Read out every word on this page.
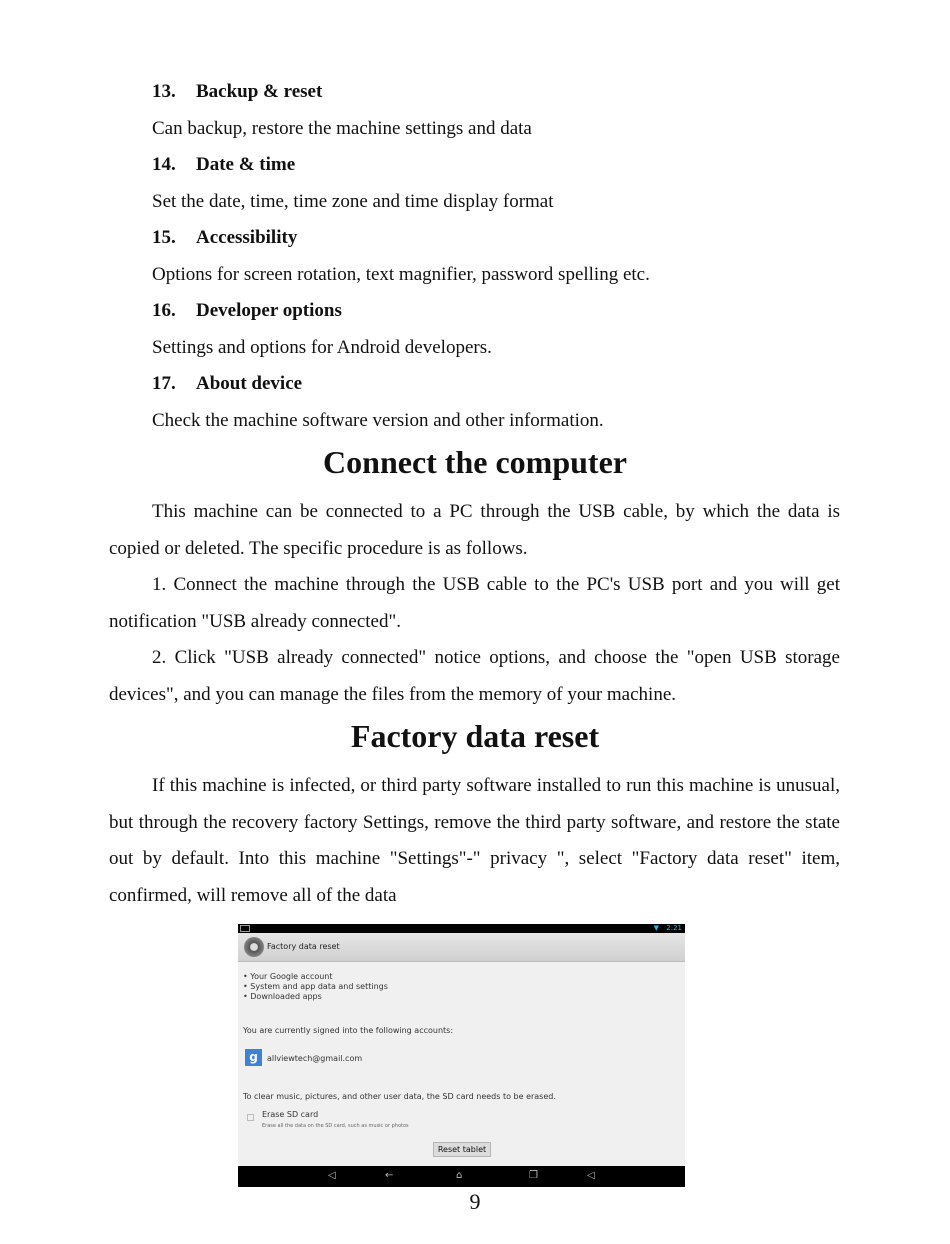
13. Backup & reset
Can backup, restore the machine settings and data
14. Date & time
Set the date, time, time zone and time display format
15. Accessibility
Options for screen rotation, text magnifier, password spelling etc.
16. Developer options
Settings and options for Android developers.
17. About device
Check the machine software version and other information.
Connect the computer

This machine can be connected to a PC through the USB cable, by which the data is copied or deleted. The specific procedure is as follows.

1. Connect the machine through the USB cable to the PC's USB port and you will get notification "USB already connected".

2. Click "USB already connected" notice options, and choose the "open USB storage devices", and you can manage the files from the memory of your machine.

Factory data reset

If this machine is infected, or third party software installed to run this machine is unusual, but through the recovery factory Settings, remove the third party software, and restore the state out by default. Into this machine "Settings"-" privacy ", select "Factory data reset" item, confirmed, will remove all of the data

▼ 2:21
Factory data reset
• Your Google account
• System and app data and settings
• Downloaded apps
You are currently signed into the following accounts:
g	allviewtech@gmail.com
To clear music, pictures, and other user data, the SD card needs to be erased.
Erase SD card
Erase all the data on the SD card, such as music or photos
Reset tablet
◁	←	⌂	❐	◁
9
